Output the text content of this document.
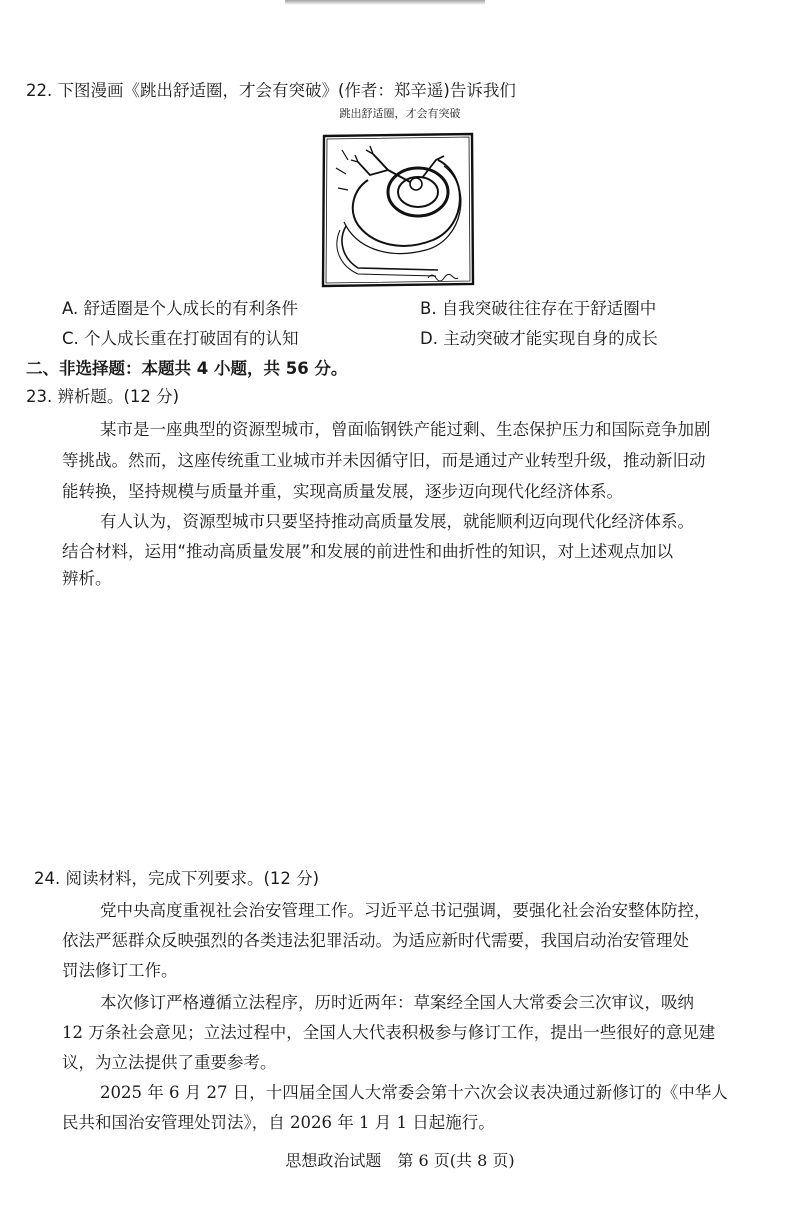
22. 下图漫画《跳出舒适圈，才会有突破》(作者：郑辛遥)告诉我们
跳出舒适圈，才会有突破
A. 舒适圈是个人成长的有利条件	B. 自我突破往往存在于舒适圈中
C. 个人成长重在打破固有的认知	D. 主动突破才能实现自身的成长
二、非选择题：本题共 4 小题，共 56 分。
23. 辨析题。(12 分)
某市是一座典型的资源型城市，曾面临钢铁产能过剩、生态保护压力和国际竞争加剧
等挑战。然而，这座传统重工业城市并未因循守旧，而是通过产业转型升级，推动新旧动
能转换，坚持规模与质量并重，实现高质量发展，逐步迈向现代化经济体系。
有人认为，资源型城市只要坚持推动高质量发展，就能顺利迈向现代化经济体系。
结合材料，运用“推动高质量发展”和发展的前进性和曲折性的知识，对上述观点加以
辨析。
24. 阅读材料，完成下列要求。(12 分)
党中央高度重视社会治安管理工作。习近平总书记强调，要强化社会治安整体防控，
依法严惩群众反映强烈的各类违法犯罪活动。为适应新时代需要，我国启动治安管理处
罚法修订工作。
本次修订严格遵循立法程序，历时近两年：草案经全国人大常委会三次审议，吸纳
12 万条社会意见；立法过程中，全国人大代表积极参与修订工作，提出一些很好的意见建
议，为立法提供了重要参考。
2025 年 6 月 27 日，十四届全国人大常委会第十六次会议表决通过新修订的《中华人
民共和国治安管理处罚法》，自 2026 年 1 月 1 日起施行。
思想政治试题　第 6 页(共 8 页)
